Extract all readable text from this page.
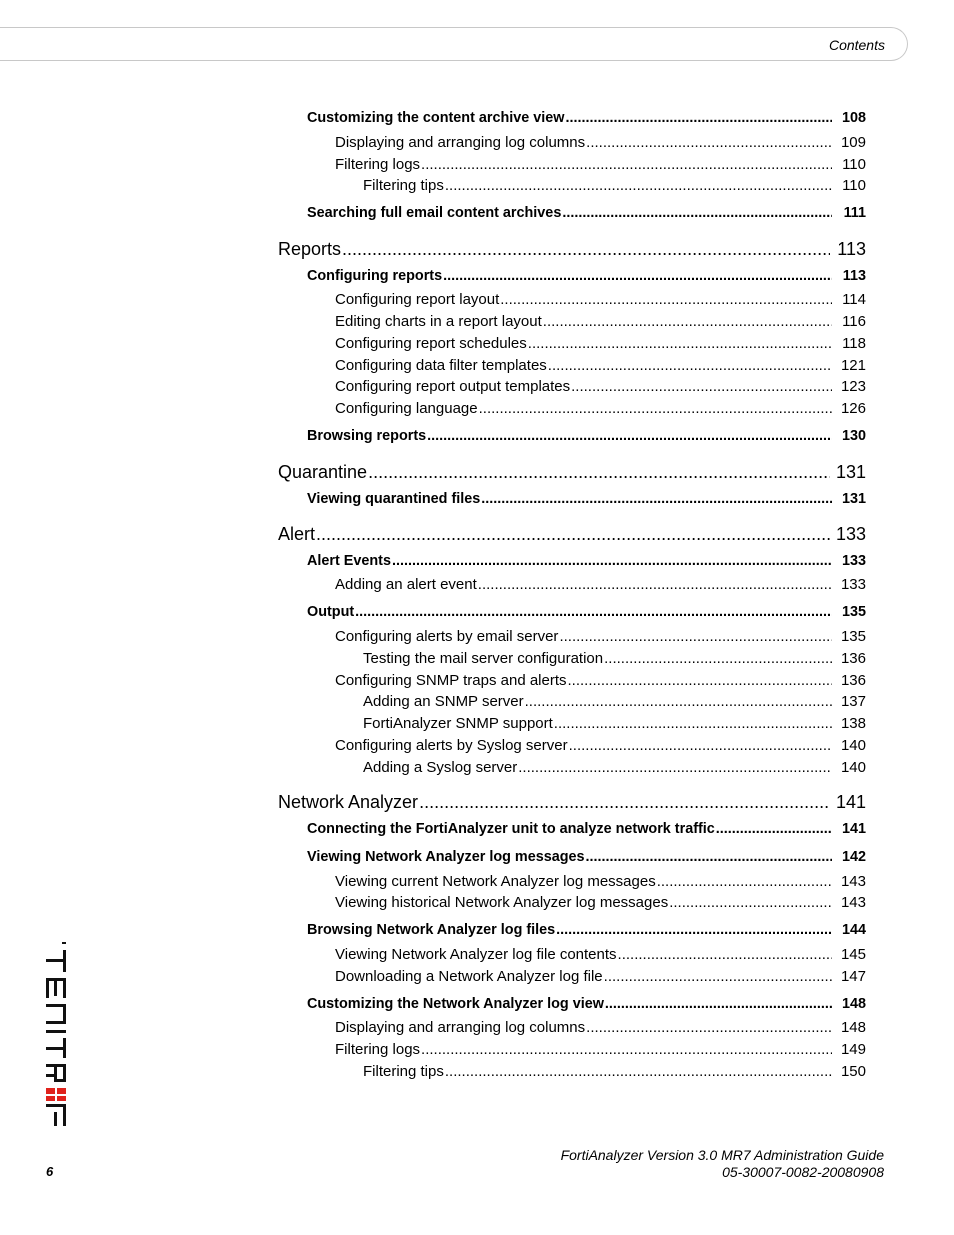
Contents
Customizing the content archive view .....	108
Displaying and arranging log columns .....	109
Filtering logs .....	110
Filtering tips .....	110
Searching full email content archives .....	111
Reports .....	113
Configuring reports .....	113
Configuring report layout .....	114
Editing charts in a report layout .....	116
Configuring report schedules .....	118
Configuring data filter templates .....	121
Configuring report output templates .....	123
Configuring language .....	126
Browsing reports .....	130
Quarantine .....	131
Viewing quarantined files .....	131
Alert .....	133
Alert Events .....	133
Adding an alert event .....	133
Output .....	135
Configuring alerts by email server .....	135
Testing the mail server configuration .....	136
Configuring SNMP traps and alerts .....	136
Adding an SNMP server .....	137
FortiAnalyzer SNMP support .....	138
Configuring alerts by Syslog server .....	140
Adding a Syslog server .....	140
Network Analyzer .....	141
Connecting the FortiAnalyzer unit to analyze network traffic .....	141
Viewing Network Analyzer log messages .....	142
Viewing current Network Analyzer log messages .....	143
Viewing historical Network Analyzer log messages .....	143
Browsing Network Analyzer log files .....	144
Viewing Network Analyzer log file contents .....	145
Downloading a Network Analyzer log file .....	147
Customizing the Network Analyzer log view .....	148
Displaying and arranging log columns .....	148
Filtering logs .....	149
Filtering tips .....	150
6
FortiAnalyzer Version 3.0 MR7 Administration Guide
05-30007-0082-20080908
